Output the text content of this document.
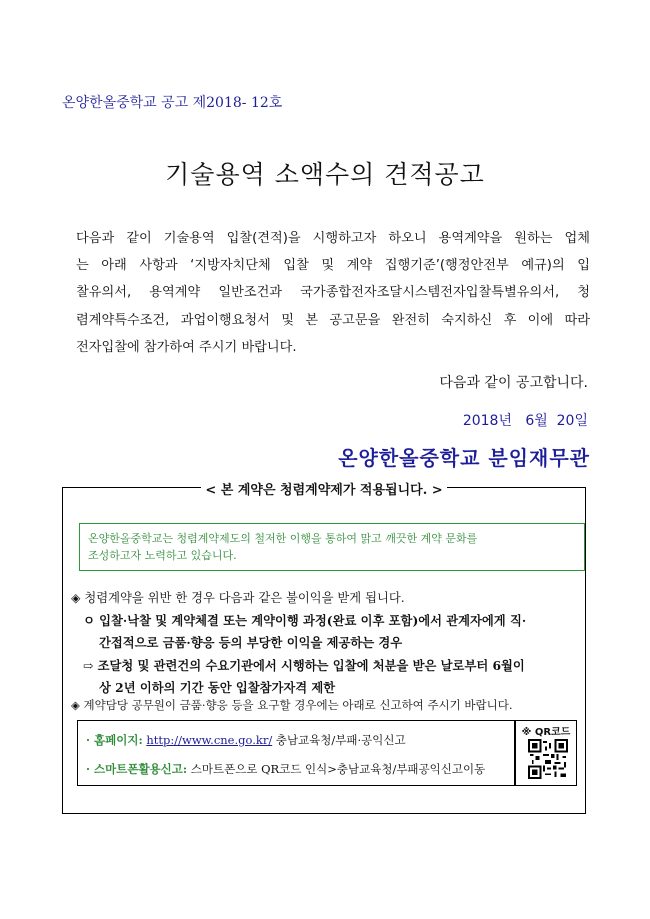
온양한올중학교 공고 제2018- 12호
기술용역 소액수의 견적공고

다음과 같이 기술용역 입찰(견적)을 시행하고자 하오니 용역계약을 원하는 업체

는 아래 사항과 ‘지방자치단체 입찰 및 계약 집행기준’(행정안전부 예규)의 입

찰유의서, 용역계약 일반조건과 국가종합전자조달시스템전자입찰특별유의서, 청

렴계약특수조건, 과업이행요청서 및 본 공고문을 완전히 숙지하신 후 이에 따라

전자입찰에 참가하여 주시기 바랍니다.

다음과 같이 공고합니다.
2018년   6월  20일
온양한올중학교 분임재무관
< 본 계약은 청렴계약제가 적용됩니다. >
온양한올중학교는 청렴계약제도의 철저한 이행을 통하여 맑고 깨끗한 계약 문화를
조성하고자 노력하고 있습니다.
◈ 청렴계약을 위반 한 경우 다음과 같은 불이익을 받게 됩니다.
ㅇ 입찰·낙찰 및 계약체결 또는 계약이행 과정(완료 이후 포함)에서 관계자에게 직·
간접적으로 금품·향응 등의 부당한 이익을 제공하는 경우
⇨ 조달청 및 관련건의 수요기관에서 시행하는 입찰에 처분을 받은 날로부터 6월이
상 2년 이하의 기간 동안 입찰참가자격 제한
◈ 계약담당 공무원이 금품·향응 등을 요구할 경우에는 아래로 신고하여 주시기 바랍니다.
· 홈페이지: http://www.cne.go.kr/ 충남교육청/부패·공익신고
· 스마트폰활용신고: 스마트폰으로 QR코드 인식>충남교육청/부패공익신고이동
※ QR코드
